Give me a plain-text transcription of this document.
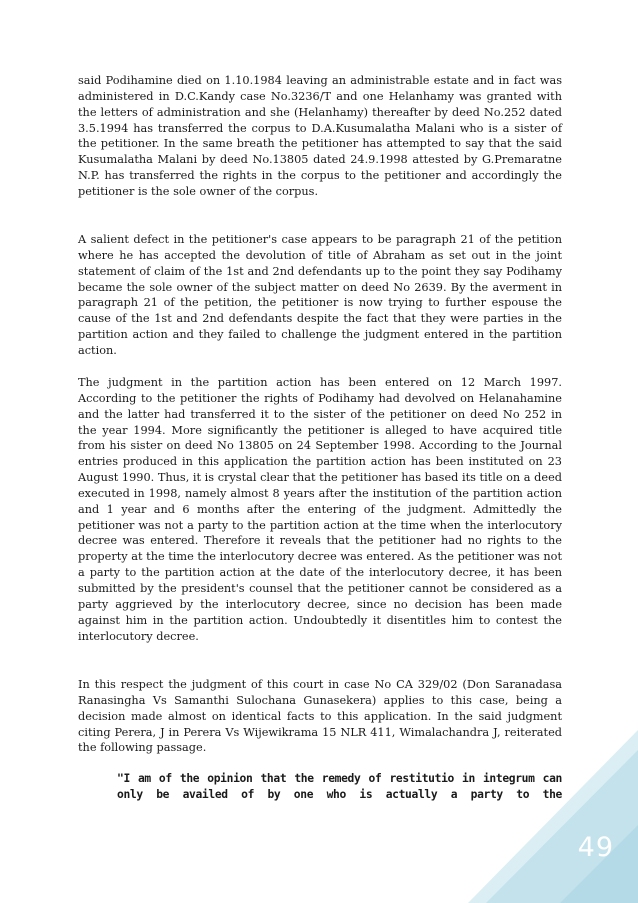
said Podihamine died on 1.10.1984 leaving an administrable estate and in fact was administered in D.C.Kandy case No.3236/T and one Helanhamy was granted with the letters of administration and she (Helanhamy) thereafter by deed No.252 dated 3.5.1994 has transferred the corpus to D.A.Kusumalatha Malani who is a sister of the petitioner. In the same breath the petitioner has attempted to say that the said Kusumalatha Malani by deed No.13805 dated 24.9.1998 attested by G.Premaratne N.P. has transferred the rights in the corpus to the petitioner and accordingly the petitioner is the sole owner of the corpus.

A salient defect in the petitioner's case appears to be paragraph 21 of the petition where he has accepted the devolution of title of Abraham as set out in the joint statement of claim of the 1st and 2nd defendants up to the point they say Podihamy became the sole owner of the subject matter on deed No 2639. By the averment in paragraph 21 of the petition, the petitioner is now trying to further espouse the cause of the 1st and 2nd defendants despite the fact that they were parties in the partition action and they failed to challenge the judgment entered in the partition action.

The judgment in the partition action has been entered on 12 March 1997. According to the petitioner the rights of Podihamy had devolved on Helanahamine and the latter had transferred it to the sister of the petitioner on deed No 252 in the year 1994. More significantly the petitioner is alleged to have acquired title from his sister on deed No 13805 on 24 September 1998. According to the Journal entries produced in this application the partition action has been instituted on 23 August 1990. Thus, it is crystal clear that the petitioner has based its title on a deed executed in 1998, namely almost 8 years after the institution of the partition action and 1 year and 6 months after the entering of the judgment. Admittedly the petitioner was not a party to the partition action at the time when the interlocutory decree was entered. Therefore it reveals that the petitioner had no rights to the property at the time the interlocutory decree was entered. As the petitioner was not a party to the partition action at the date of the interlocutory decree, it has been submitted by the president's counsel that the petitioner cannot be considered as a party aggrieved by the interlocutory decree, since no decision has been made against him in the partition action. Undoubtedly it disentitles him to contest the interlocutory decree.

In this respect the judgment of this court in case No CA 329/02 (Don Saranadasa Ranasingha Vs Samanthi Sulochana Gunasekera) applies to this case, being a decision made almost on identical facts to this application. In the said judgment citing Perera, J in Perera Vs Wijewikrama 15 NLR 411, Wimalachandra J, reiterated the following passage.

"I am of the opinion that the remedy of restitutio in integrum can only be availed of by one who is actually a party to the

49
